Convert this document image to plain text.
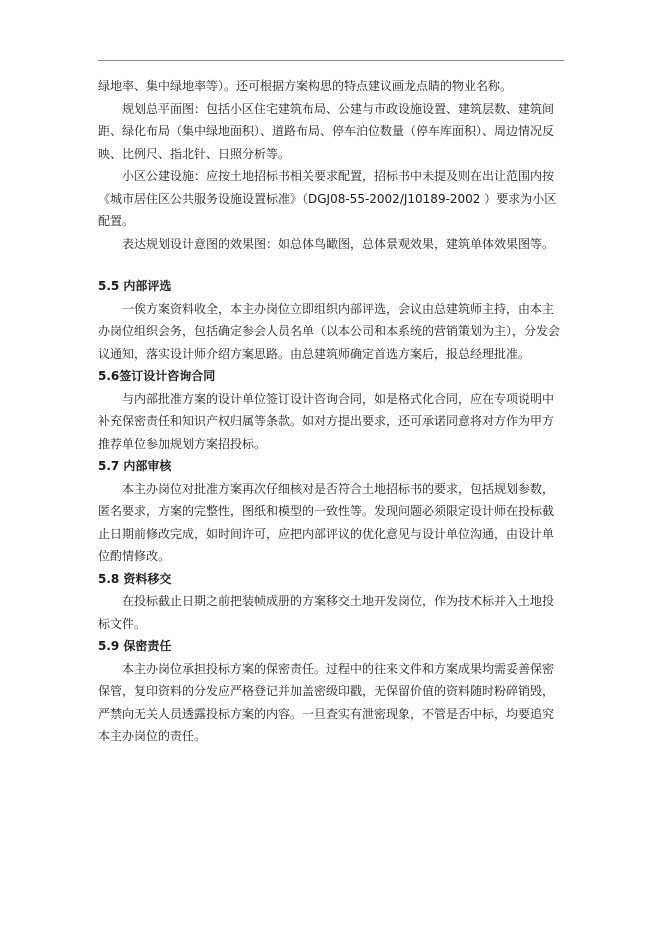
绿地率、集中绿地率等）。还可根据方案构思的特点建议画龙点睛的物业名称。

规划总平面图：包括小区住宅建筑布局、公建与市政设施设置、建筑层数、建筑间距、绿化布局（集中绿地面积）、道路布局、停车泊位数量（停车库面积）、周边情况反映、比例尺、指北针、日照分析等。

小区公建设施：应按土地招标书相关要求配置，招标书中未提及则在出让范围内按《城市居住区公共服务设施设置标准》（DGJ08-55-2002/J10189-2002 ）要求为小区配置。

表达规划设计意图的效果图：如总体鸟瞰图，总体景观效果，建筑单体效果图等。

5.5 内部评选

一俟方案资料收全，本主办岗位立即组织内部评选，会议由总建筑师主持，由本主办岗位组织会务，包括确定参会人员名单（以本公司和本系统的营销策划为主），分发会议通知，落实设计师介绍方案思路。由总建筑师确定首选方案后，报总经理批准。

5.6签订设计咨询合同

与内部批准方案的设计单位签订设计咨询合同，如是格式化合同，应在专项说明中补充保密责任和知识产权归属等条款。如对方提出要求，还可承诺同意将对方作为甲方推荐单位参加规划方案招投标。

5.7 内部审核

本主办岗位对批准方案再次仔细核对是否符合土地招标书的要求，包括规划参数，匿名要求，方案的完整性，图纸和模型的一致性等。发现问题必须限定设计师在投标截止日期前修改完成，如时间许可，应把内部评议的优化意见与设计单位沟通，由设计单位酌情修改。

5.8 资料移交

在投标截止日期之前把装帧成册的方案移交土地开发岗位，作为技术标并入土地投标文件。

5.9 保密责任

本主办岗位承担投标方案的保密责任。过程中的往来文件和方案成果均需妥善保密保管，复印资料的分发应严格登记并加盖密级印戳，无保留价值的资料随时粉碎销毁，严禁向无关人员透露投标方案的内容。一旦查实有泄密现象，不管是否中标，均要追究本主办岗位的责任。
